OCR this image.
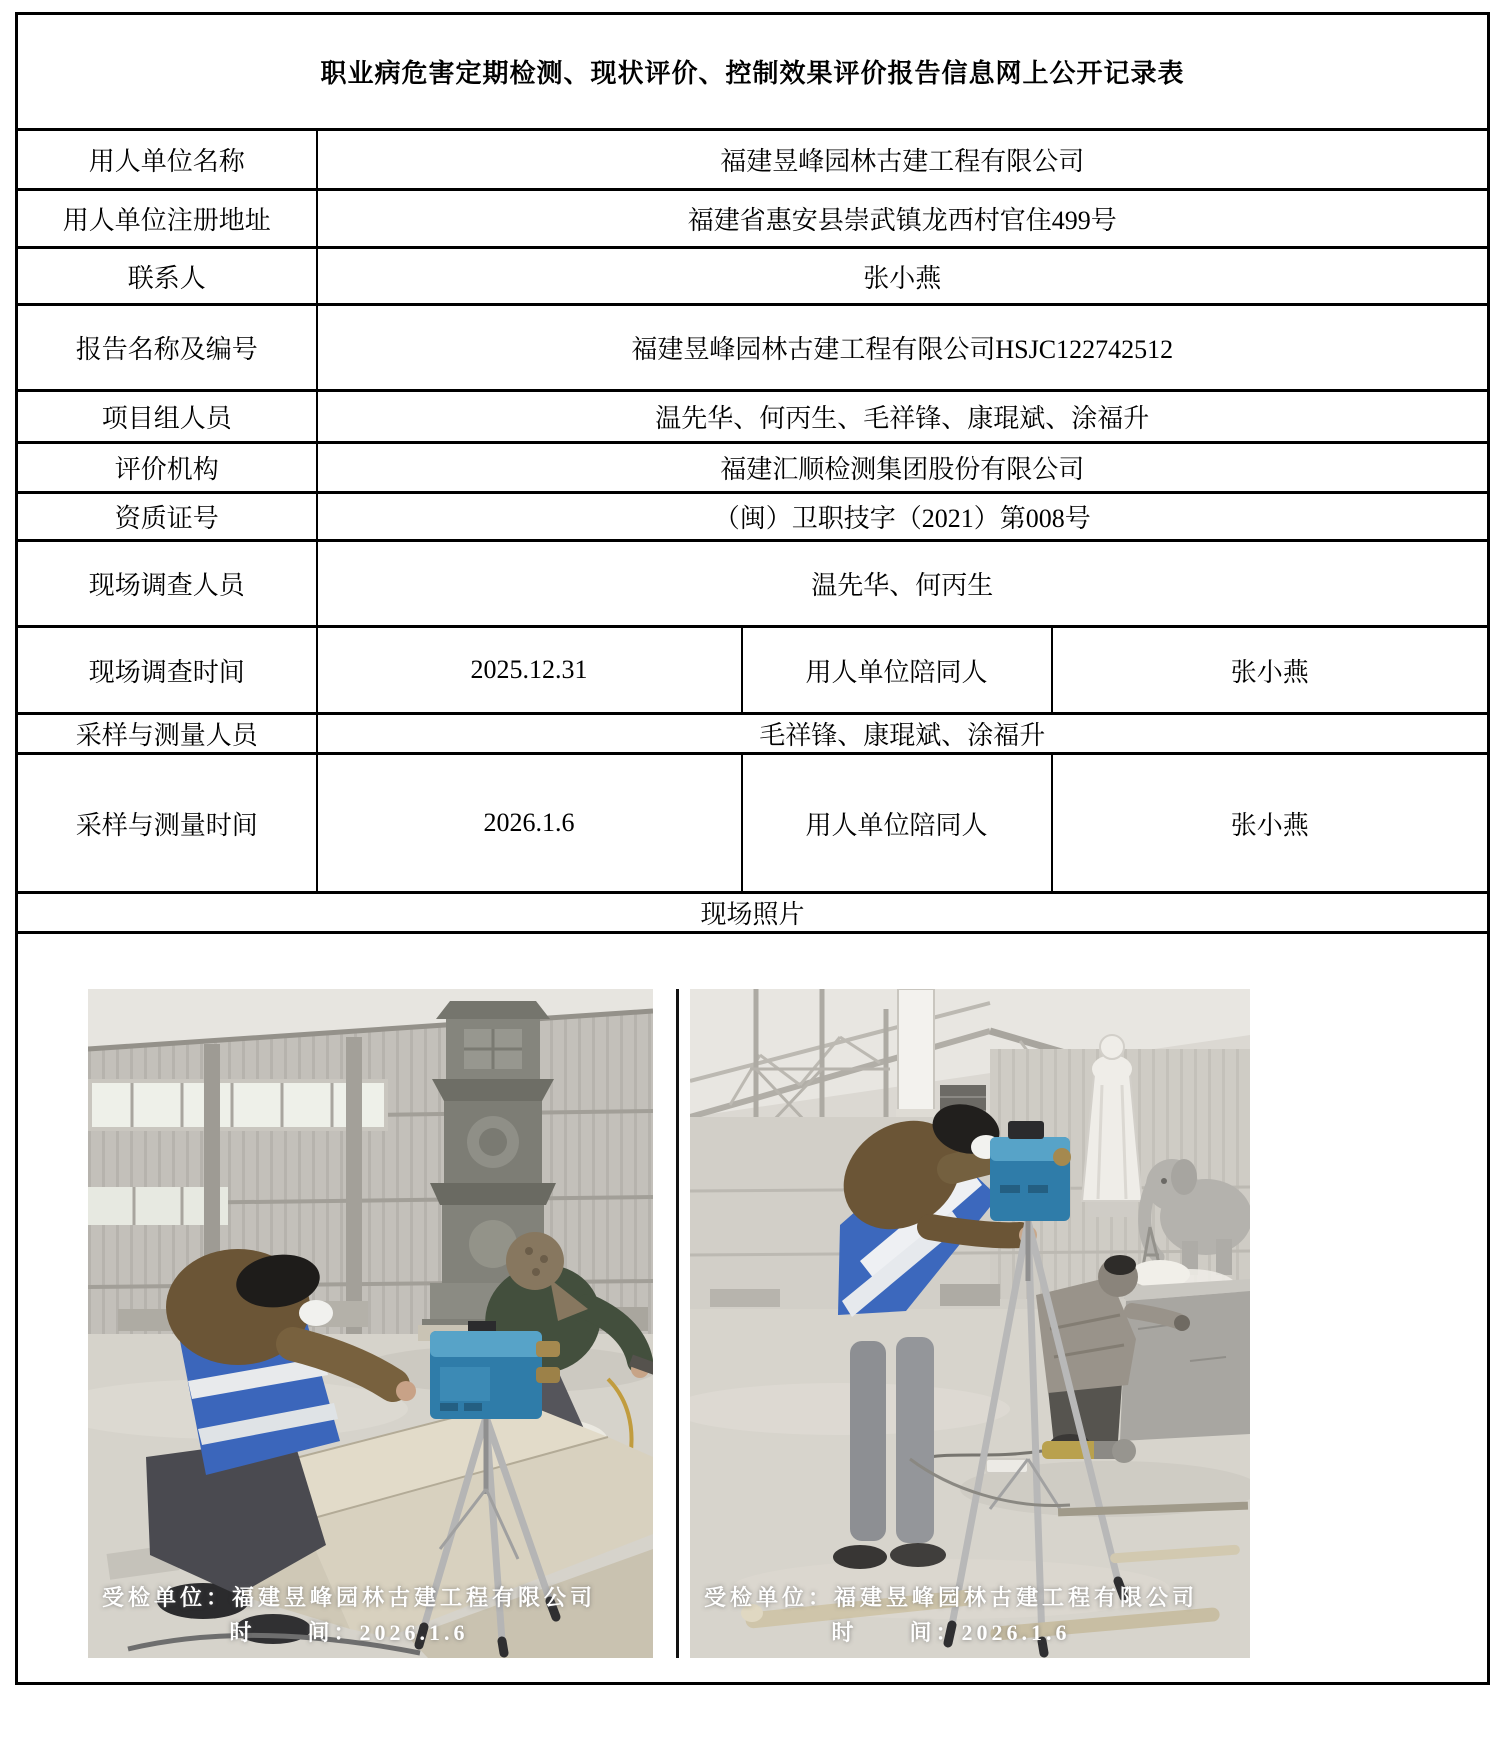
职业病危害定期检测、现状评价、控制效果评价报告信息网上公开记录表			
用人单位名称	福建昱峰园林古建工程有限公司		
用人单位注册地址	福建省惠安县崇武镇龙西村官住499号		
联系人	张小燕		
报告名称及编号	福建昱峰园林古建工程有限公司HSJC122742512		
项目组人员	温先华、何丙生、毛祥锋、康琨斌、涂福升		
评价机构	福建汇顺检测集团股份有限公司		
资质证号	（闽）卫职技字（2021）第008号		
现场调查人员	温先华、何丙生		
现场调查时间	2025.12.31	用人单位陪同人	张小燕
采样与测量人员	毛祥锋、康琨斌、涂福升		
采样与测量时间	2026.1.6	用人单位陪同人	张小燕
现场照片			

受检单位：福建昱峰园林古建工程有限公司
时　　间：2026.1.6
受检单位：福建昱峰园林古建工程有限公司
时　　间：2026.1.6			
